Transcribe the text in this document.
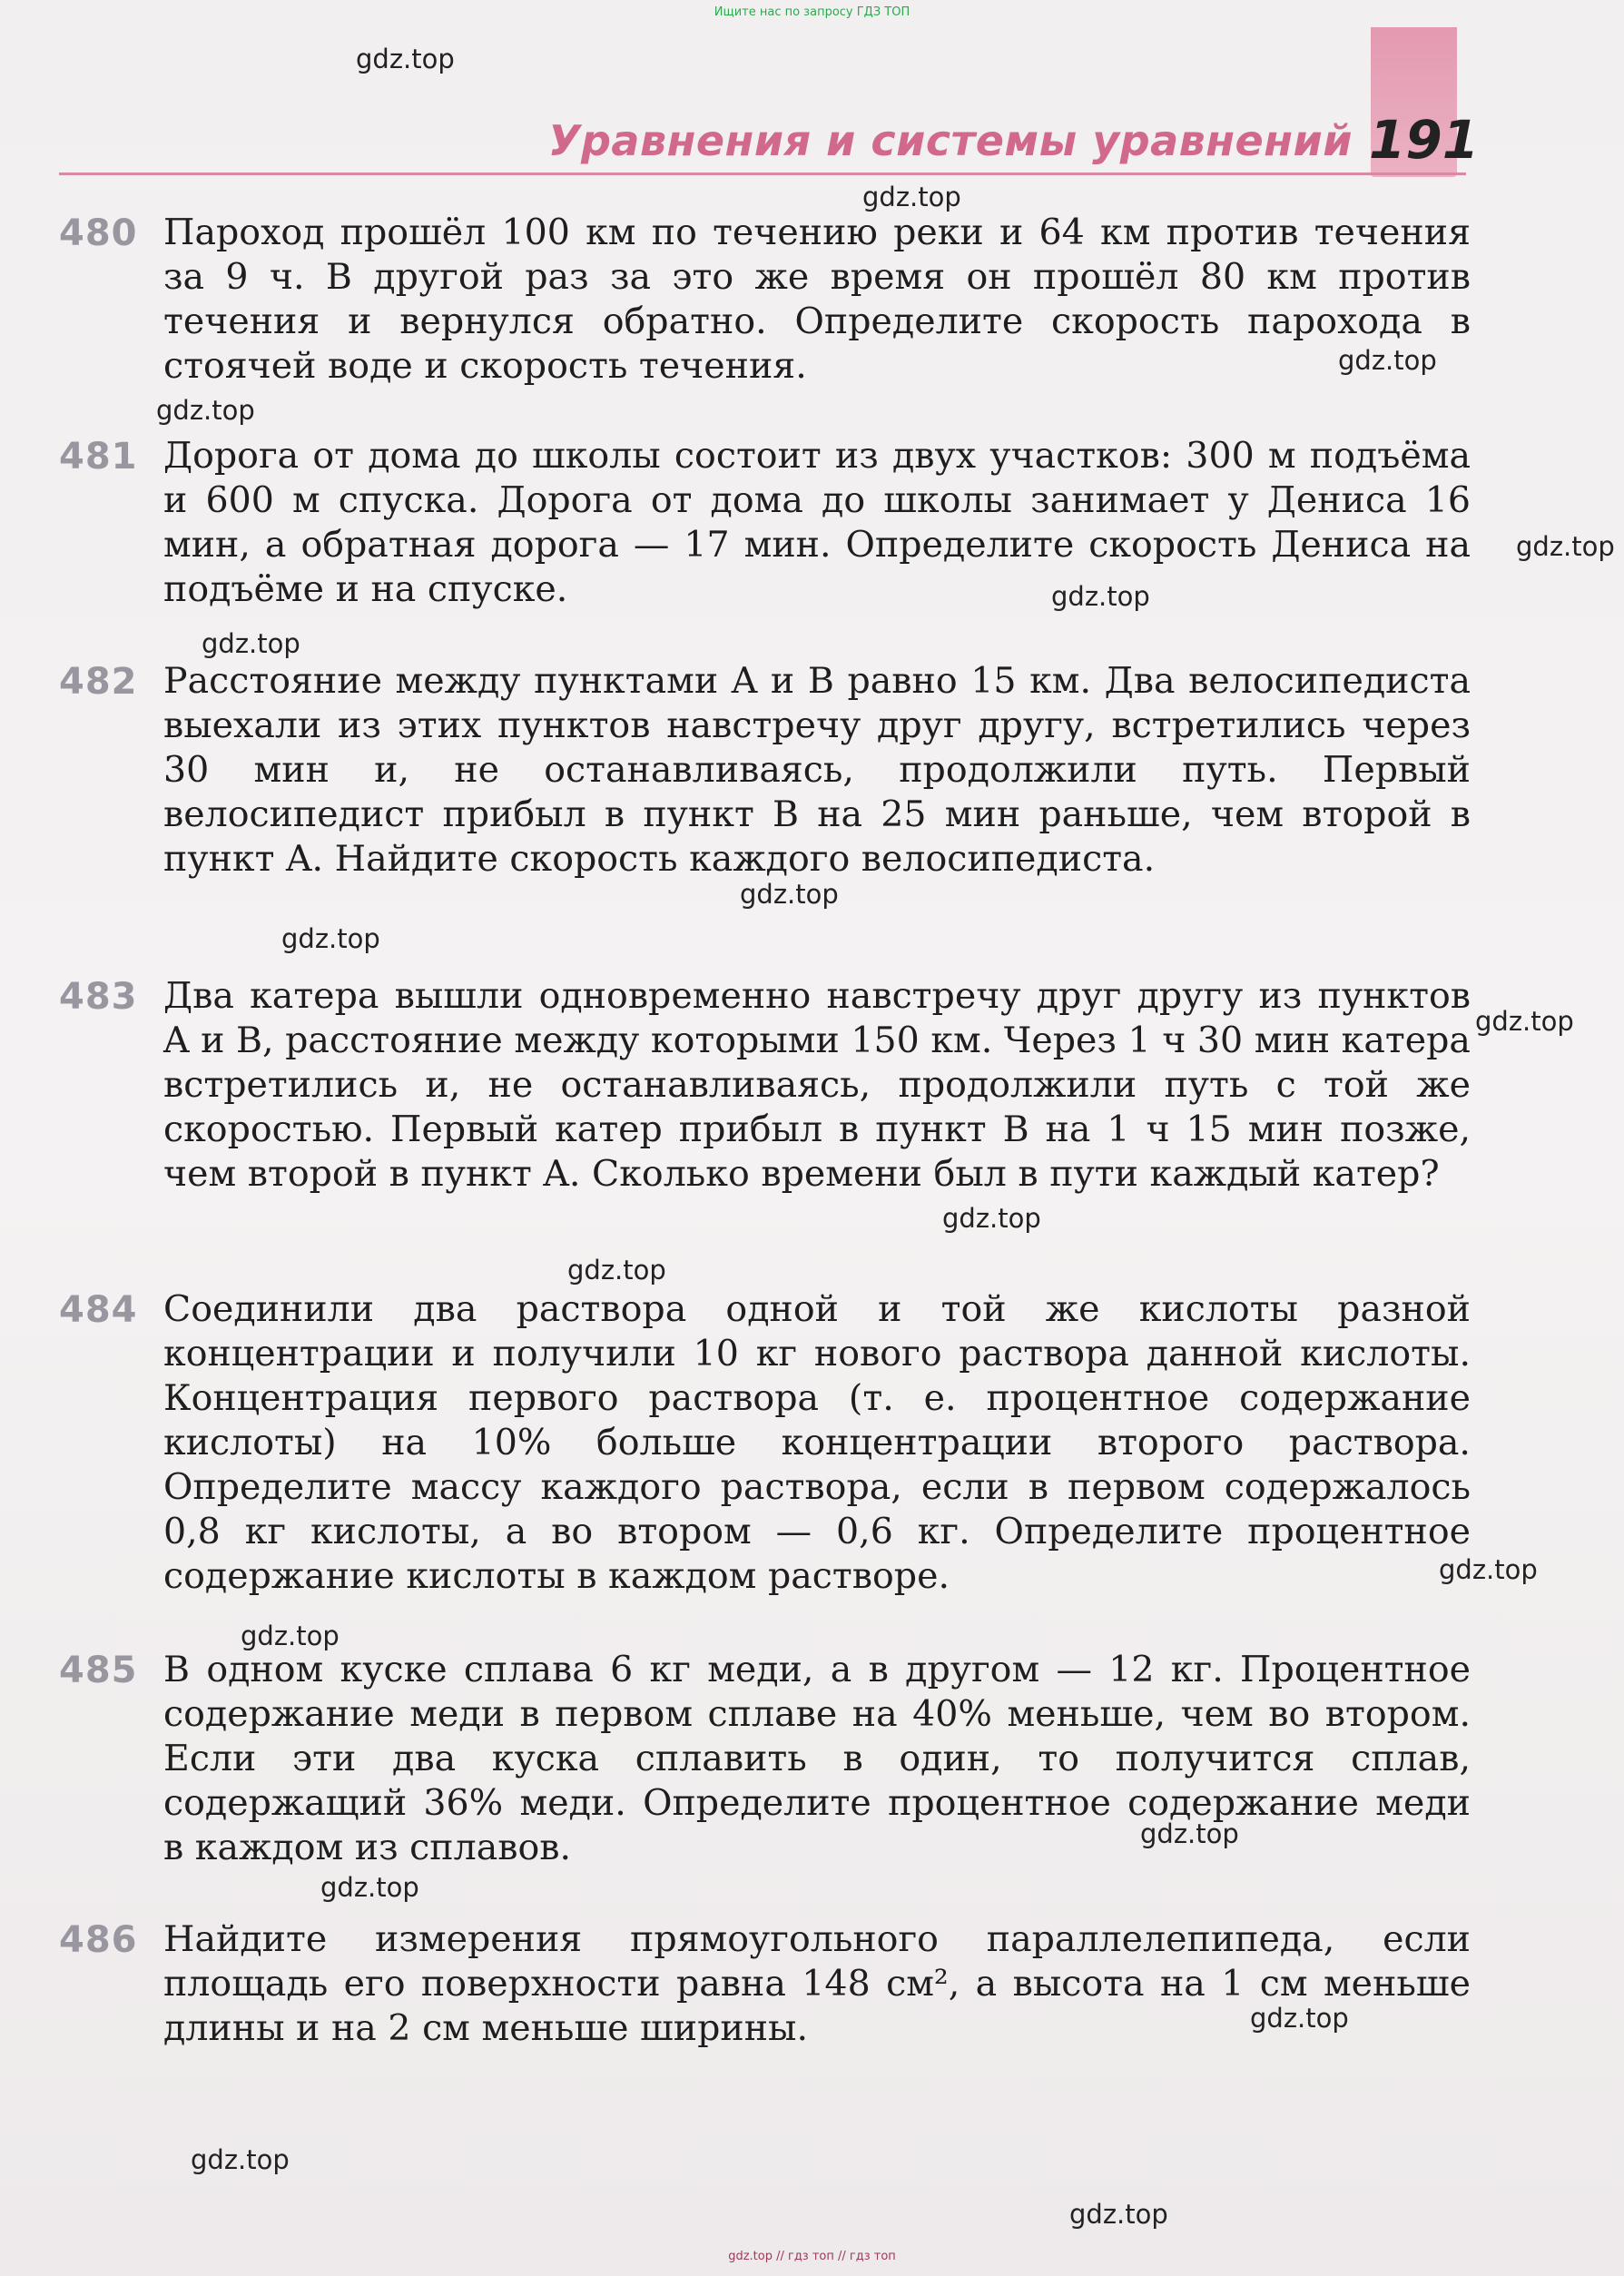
Ищите нас по запросу ГДЗ ТОП
Уравнения и системы уравнений 191
480 Пароход прошёл 100 км по течению реки и 64 км против течения за 9 ч. В другой раз за это же время он прошёл 80 км против течения и вернулся обратно. Определите скорость парохода в стоячей воде и скорость течения.
481 Дорога от дома до школы состоит из двух участков: 300 м подъёма и 600 м спуска. Дорога от дома до школы занимает у Дениса 16 мин, а обратная дорога — 17 мин. Определите скорость Дениса на подъёме и на спуске.
482 Расстояние между пунктами A и B равно 15 км. Два велосипедиста выехали из этих пунктов навстречу друг другу, встретились через 30 мин и, не останавливаясь, продолжили путь. Первый велосипедист прибыл в пункт B на 25 мин раньше, чем второй в пункт A. Найдите скорость каждого велосипедиста.
483 Два катера вышли одновременно навстречу друг другу из пунктов A и B, расстояние между которыми 150 км. Через 1 ч 30 мин катера встретились и, не останавливаясь, продолжили путь с той же скоростью. Первый катер прибыл в пункт B на 1 ч 15 мин позже, чем второй в пункт A. Сколько времени был в пути каждый катер?
484 Соединили два раствора одной и той же кислоты разной концентрации и получили 10 кг нового раствора данной кислоты. Концентрация первого раствора (т. е. процентное содержание кислоты) на 10% больше концентрации второго раствора. Определите массу каждого раствора, если в первом содержалось 0,8 кг кислоты, а во втором — 0,6 кг. Определите процентное содержание кислоты в каждом растворе.
485 В одном куске сплава 6 кг меди, а в другом — 12 кг. Процентное содержание меди в первом сплаве на 40% меньше, чем во втором. Если эти два куска сплавить в один, то получится сплав, содержащий 36% меди. Определите процентное содержание меди в каждом из сплавов.
486 Найдите измерения прямоугольного параллелепипеда, если площадь его поверхности равна 148 см², а высота на 1 см меньше длины и на 2 см меньше ширины.
gdz.top
gdz.top
gdz.top
gdz.top
gdz.top
gdz.top
gdz.top
gdz.top
gdz.top
gdz.top
gdz.top
gdz.top
gdz.top
gdz.top
gdz.top
gdz.top
gdz.top
gdz.top
gdz.top
gdz.top // гдз топ // гдз топ
